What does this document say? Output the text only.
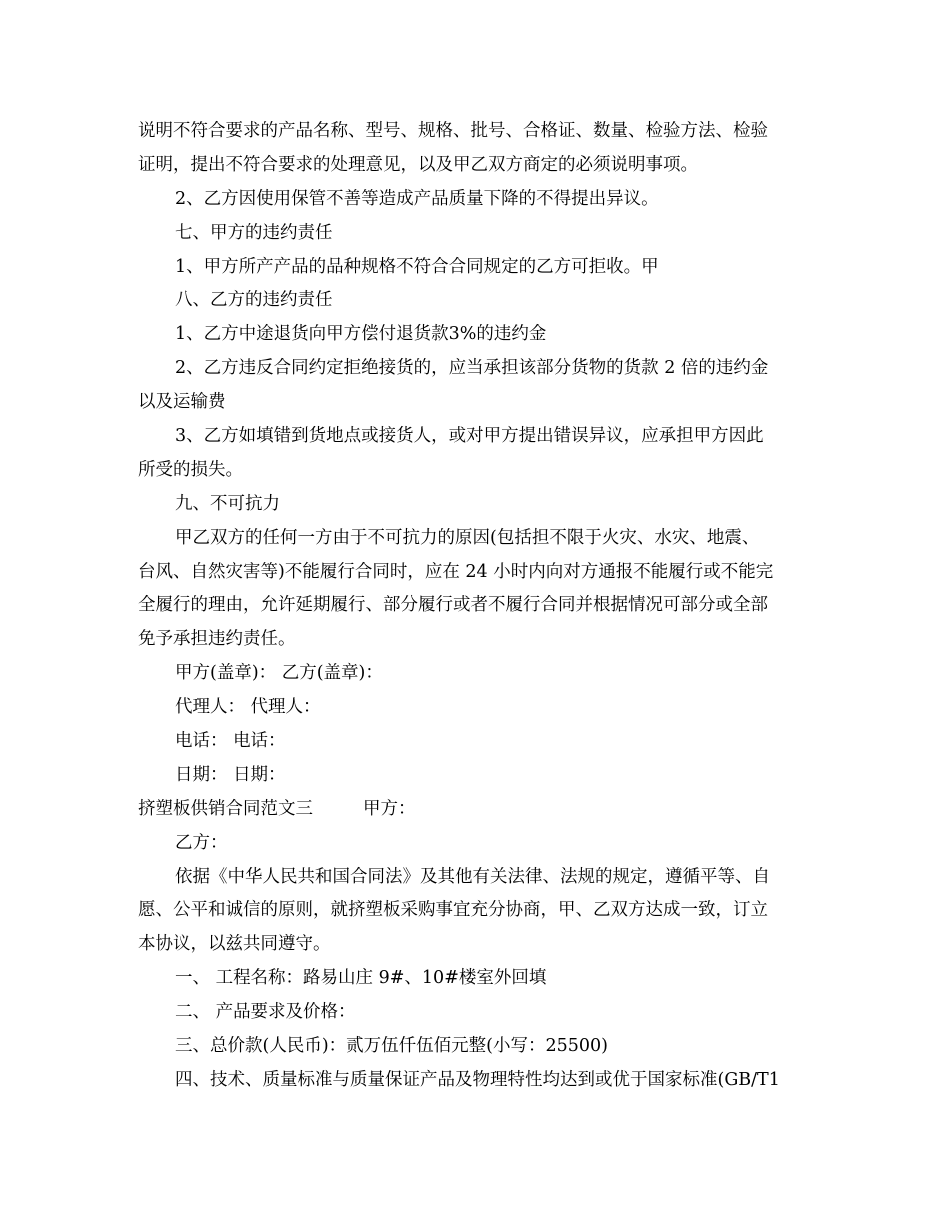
说明不符合要求的产品名称、型号、规格、批号、合格证、数量、检验方法、检验
证明，提出不符合要求的处理意见，以及甲乙双方商定的必须说明事项。
2、乙方因使用保管不善等造成产品质量下降的不得提出异议。
七、甲方的违约责任
1、甲方所产产品的品种规格不符合合同规定的乙方可拒收。甲
八、乙方的违约责任
1、乙方中途退货向甲方偿付退货款3%的违约金
2、乙方违反合同约定拒绝接货的，应当承担该部分货物的货款 2 倍的违约金
以及运输费
3、乙方如填错到货地点或接货人，或对甲方提出错误异议，应承担甲方因此
所受的损失。
九、不可抗力
甲乙双方的任何一方由于不可抗力的原因(包括担不限于火灾、水灾、地震、
台风、自然灾害等)不能履行合同时，应在 24 小时内向对方通报不能履行或不能完
全履行的理由，允许延期履行、部分履行或者不履行合同并根据情况可部分或全部
免予承担违约责任。
甲方(盖章)： 乙方(盖章)：
代理人： 代理人：
电话： 电话：
日期： 日期：
挤塑板供销合同范文三	甲方：
乙方：
依据《中华人民共和国合同法》及其他有关法律、法规的规定，遵循平等、自
愿、公平和诚信的原则，就挤塑板采购事宜充分协商，甲、乙双方达成一致，订立
本协议，以兹共同遵守。
一、 工程名称：路易山庄 9#、10#楼室外回填
二、 产品要求及价格：
三、总价款(人民币)：贰万伍仟伍佰元整(小写：25500)
四、技术、质量标准与质量保证产品及物理特性均达到或优于国家标准(GB/T1
